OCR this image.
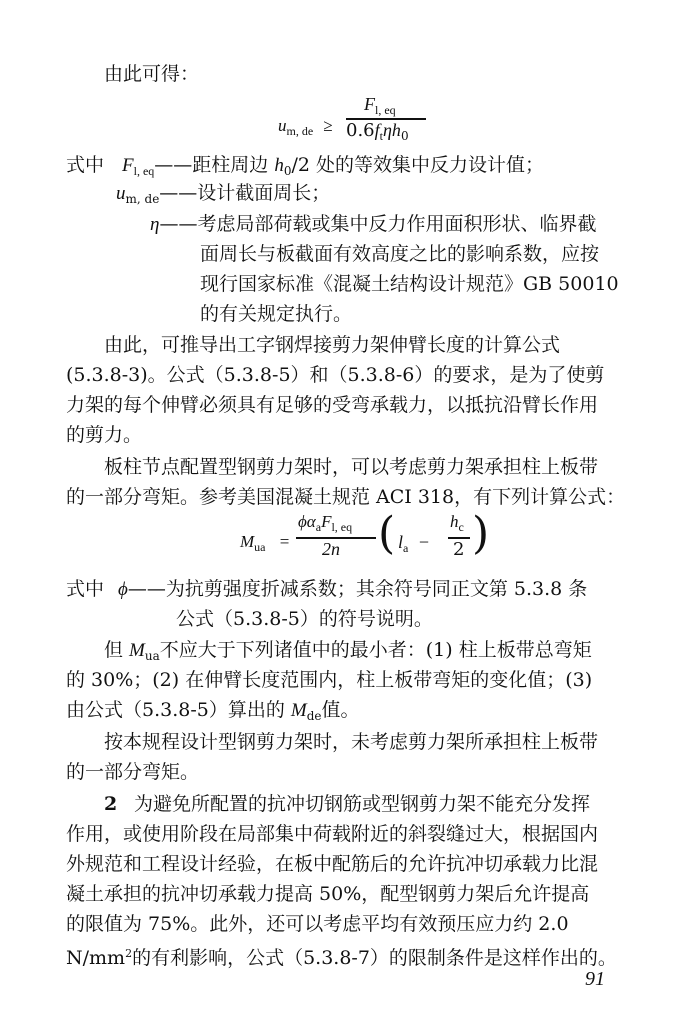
由此可得：
$u_{m, de}$ ≥
$F_{l, eq}$
$0.6f_t\eta h_0$
式中 $F_{l, eq}——$距柱周边 $h_0/2$ 处的等效集中反力设计值；
$u_{m, de}——$设计截面周长；
η——考虑局部荷载或集中反力作用面积形状、临界截
面周长与板截面有效高度之比的影响系数，应按
现行国家标准《混凝土结构设计规范》GB 50010
的有关规定执行。
由此，可推导出工字钢焊接剪力架伸臂长度的计算公式
(5.3.8-3)。公式（5.3.8-5）和（5.3.8-6）的要求，是为了使剪
力架的每个伸臂必须具有足够的受弯承载力，以抵抗沿臂长作用
的剪力。
板柱节点配置型钢剪力架时，可以考虑剪力架承担柱上板带
的一部分弯矩。参考美国混凝土规范 ACI 318，有下列计算公式：
$M_{ua}$ =
$\phi\alpha_aF_{l, eq}$
2n ( $l_a$ −
$h_c$
2 )
式中 ϕ——为抗剪强度折减系数；其余符号同正文第 5.3.8 条
公式（5.3.8-5）的符号说明。
但 $M_{ua}$不应大于下列诸值中的最小者：(1) 柱上板带总弯矩
的 30%；(2) 在伸臂长度范围内，柱上板带弯矩的变化值；(3)
由公式（5.3.8-5）算出的 $M_{de}$值。
按本规程设计型钢剪力架时，未考虑剪力架所承担柱上板带
的一部分弯矩。
2 为避免所配置的抗冲切钢筋或型钢剪力架不能充分发挥
作用，或使用阶段在局部集中荷载附近的斜裂缝过大，根据国内
外规范和工程设计经验，在板中配筋后的允许抗冲切承载力比混
凝土承担的抗冲切承载力提高 50%，配型钢剪力架后允许提高
的限值为 75%。此外，还可以考虑平均有效预压应力约 2.0
$N/mm^2$的有利影响，公式（5.3.8-7）的限制条件是这样作出的。
91
